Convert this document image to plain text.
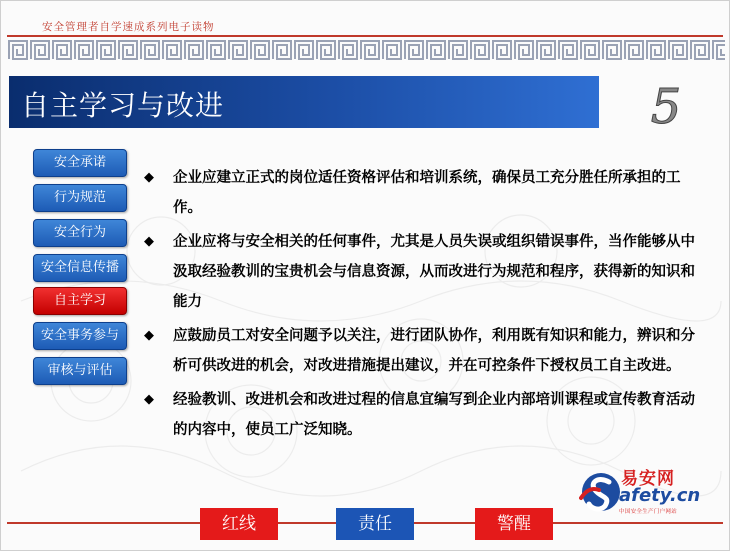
安全管理者自学速成系列电子读物
自主学习与改进	5
安全承诺
行为规范
安全行为
安全信息传播
自主学习
安全事务参与
审核与评估
◆ 企业应建立正式的岗位适任资格评估和培训系统，确保员工充分胜任所承担的工作。
◆ 企业应将与安全相关的任何事件，尤其是人员失误或组织错误事件，当作能够从中汲取经验教训的宝贵机会与信息资源，从而改进行为规范和程序，获得新的知识和能力
◆ 应鼓励员工对安全问题予以关注，进行团队协作，利用既有知识和能力，辨识和分析可供改进的机会，对改进措施提出建议，并在可控条件下授权员工自主改进。
◆ 经验教训、改进机会和改进过程的信息宜编写到企业内部培训课程或宣传教育活动的内容中，使员工广泛知晓。
易安网
afety.cn
中国安全生产门户网站
红线	责任	警醒
